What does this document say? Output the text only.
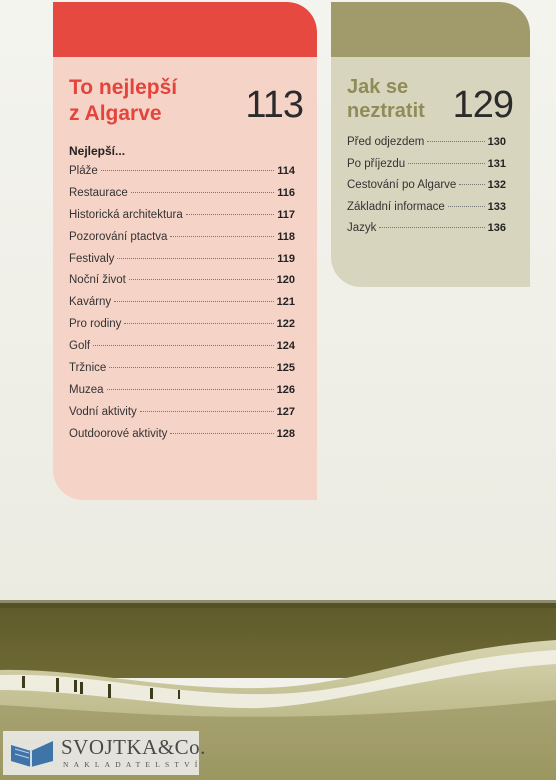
To nejlepší
z Algarve	113
Nejlepší...
Pláže	114
Restaurace	116
Historická architektura	117
Pozorování ptactva	118
Festivaly	119
Noční život	120
Kavárny	121
Pro rodiny	122
Golf	124
Tržnice	125
Muzea	126
Vodní aktivity	127
Outdoorové aktivity	128
Jak se
neztratit 129
Před odjezdem	130
Po příjezdu	131
Cestování po Algarve	132
Základní informace	133
Jazyk	136
SVOJTKA&Co.
NAKLADATELSTVÍ
